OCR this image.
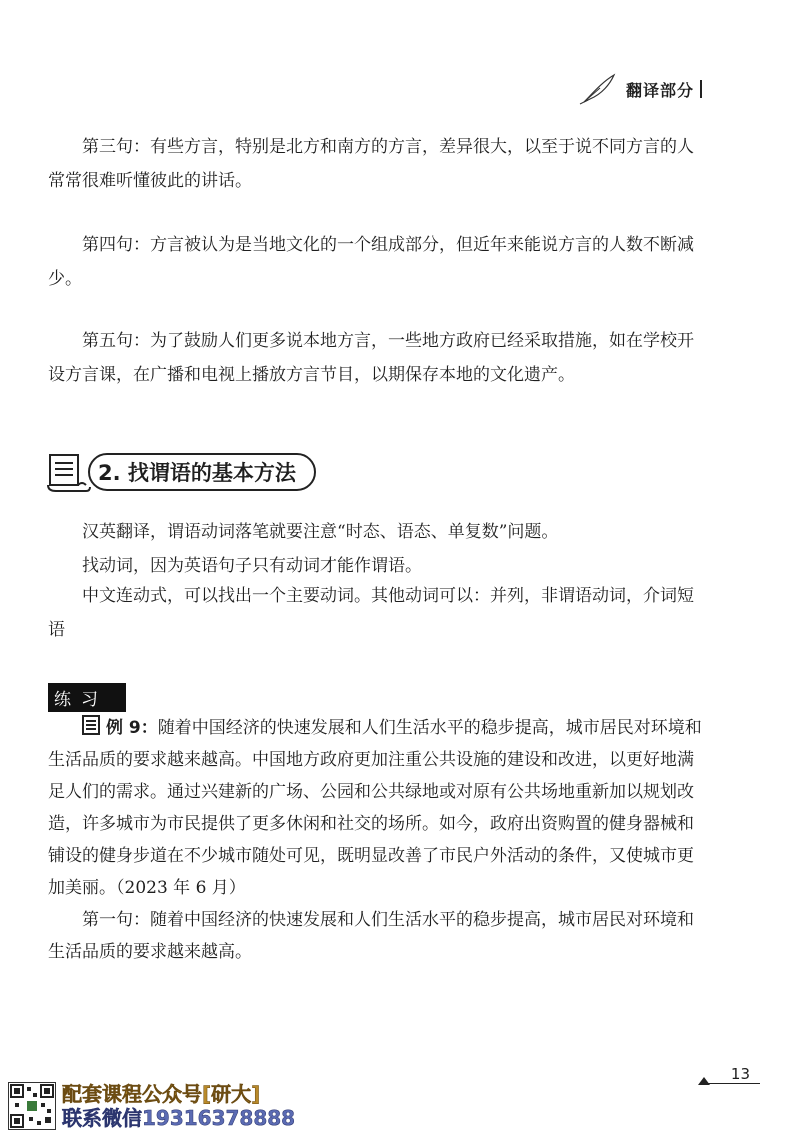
翻译部分

第三句：有些方言，特别是北方和南方的方言，差异很大，以至于说不同方言的人常常很难听懂彼此的讲话。

第四句：方言被认为是当地文化的一个组成部分，但近年来能说方言的人数不断减少。

第五句：为了鼓励人们更多说本地方言，一些地方政府已经采取措施，如在学校开设方言课，在广播和电视上播放方言节目，以期保存本地的文化遗产。

2. 找谓语的基本方法

汉英翻译，谓语动词落笔就要注意“时态、语态、单复数”问题。

找动词，因为英语句子只有动词才能作谓语。

中文连动式，可以找出一个主要动词。其他动词可以：并列，非谓语动词，介词短语

练习

例 9：随着中国经济的快速发展和人们生活水平的稳步提高，城市居民对环境和生活品质的要求越来越高。中国地方政府更加注重公共设施的建设和改进，以更好地满足人们的需求。通过兴建新的广场、公园和公共绿地或对原有公共场地重新加以规划改造，许多城市为市民提供了更多休闲和社交的场所。如今，政府出资购置的健身器械和铺设的健身步道在不少城市随处可见，既明显改善了市民户外活动的条件，又使城市更加美丽。（2023 年 6 月）

第一句：随着中国经济的快速发展和人们生活水平的稳步提高，城市居民对环境和生活品质的要求越来越高。

13
配套课程公众号[研大]
联系微信19316378888
